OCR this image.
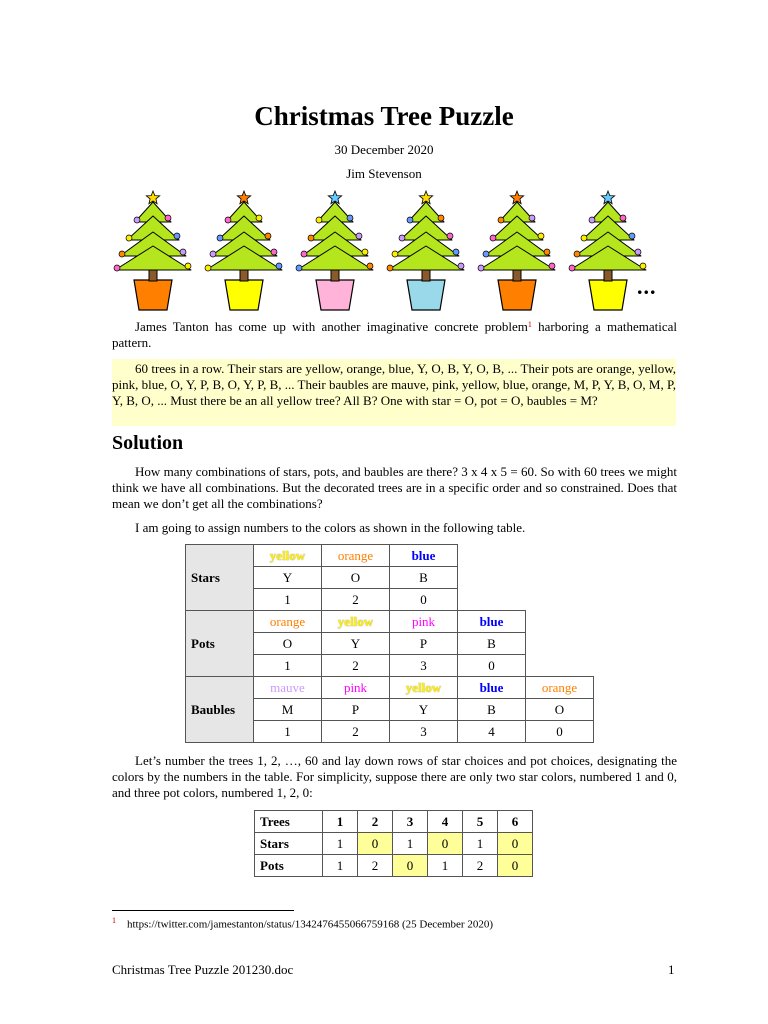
Christmas Tree Puzzle
30 December 2020
Jim Stevenson
...

James Tanton has come up with another imaginative concrete problem$^1$ harboring a mathematical pattern.

60 trees in a row. Their stars are yellow, orange, blue, Y, O, B, Y, O, B, ... Their pots are orange, yellow, pink, blue, O, Y, P, B, O, Y, P, B, ... Their baubles are mauve, pink, yellow, blue, orange, M, P, Y, B, O, M, P, Y, B, O, ... Must there be an all yellow tree? All B? One with star = O, pot = O, baubles = M?

Solution

How many combinations of stars, pots, and baubles are there? 3 x 4 x 5 = 60. So with 60 trees we might think we have all combinations. But the decorated trees are in a specific order and so constrained. Does that mean we don’t get all the combinations?

I am going to assign numbers to the colors as shown in the following table.

Stars	yellow	orange	blue		
	Y	O	B		
	1	2	0		
Pots	orange	yellow	pink	blue	
	O	Y	P	B	
	1	2	3	0	
Baubles	mauve	pink	yellow	blue	orange
	M	P	Y	B	O
	1	2	3	4	0

Let’s number the trees 1, 2, …, 60 and lay down rows of star choices and pot choices, designating the colors by the numbers in the table. For simplicity, suppose there are only two star colors, numbered 1 and 0, and three pot colors, numbered 1, 2, 0:

Trees	1	2	3	4	5	6
Stars	1	0	1	0	1	0
Pots	1	2	0	1	2	0
$^1$ https://twitter.com/jamestanton/status/1342476455066759168 (25 December 2020)
Christmas Tree Puzzle 201230.doc	1
